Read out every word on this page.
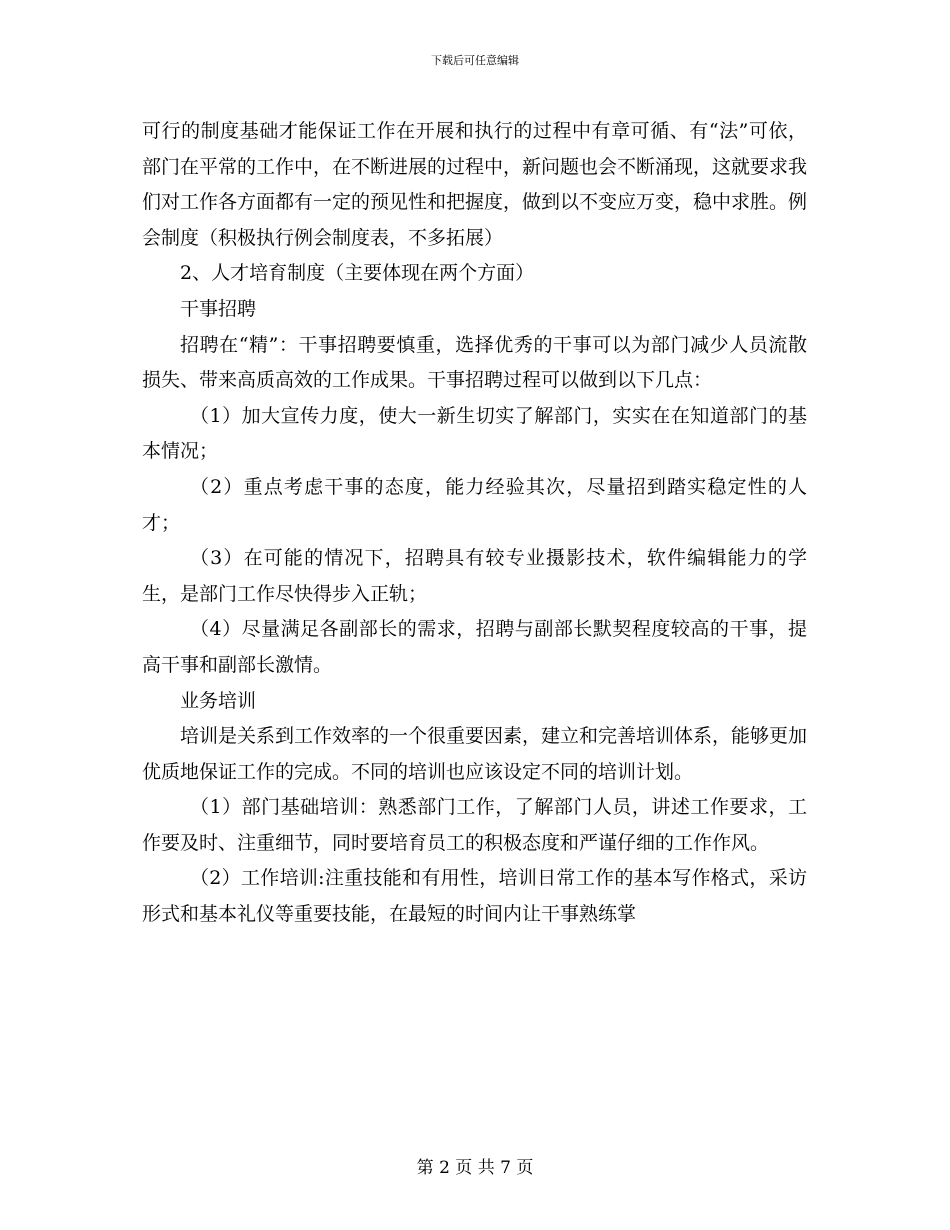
下载后可任意编辑

可行的制度基础才能保证工作在开展和执行的过程中有章可循、有“法”可依，部门在平常的工作中，在不断进展的过程中，新问题也会不断涌现，这就要求我们对工作各方面都有一定的预见性和把握度，做到以不变应万变，稳中求胜。例会制度（积极执行例会制度表，不多拓展）

2、人才培育制度（主要体现在两个方面）

干事招聘

招聘在“精”：干事招聘要慎重，选择优秀的干事可以为部门减少人员流散损失、带来高质高效的工作成果。干事招聘过程可以做到以下几点：

（1）加大宣传力度，使大一新生切实了解部门，实实在在知道部门的基本情况；

（2）重点考虑干事的态度，能力经验其次，尽量招到踏实稳定性的人才；

（3）在可能的情况下，招聘具有较专业摄影技术，软件编辑能力的学生，是部门工作尽快得步入正轨；

（4）尽量满足各副部长的需求，招聘与副部长默契程度较高的干事，提高干事和副部长激情。

业务培训

培训是关系到工作效率的一个很重要因素，建立和完善培训体系，能够更加优质地保证工作的完成。不同的培训也应该设定不同的培训计划。

（1）部门基础培训：熟悉部门工作，了解部门人员，讲述工作要求，工作要及时、注重细节，同时要培育员工的积极态度和严谨仔细的工作作风。

（2）工作培训:注重技能和有用性，培训日常工作的基本写作格式，采访形式和基本礼仪等重要技能，在最短的时间内让干事熟练掌

第 2 页 共 7 页
